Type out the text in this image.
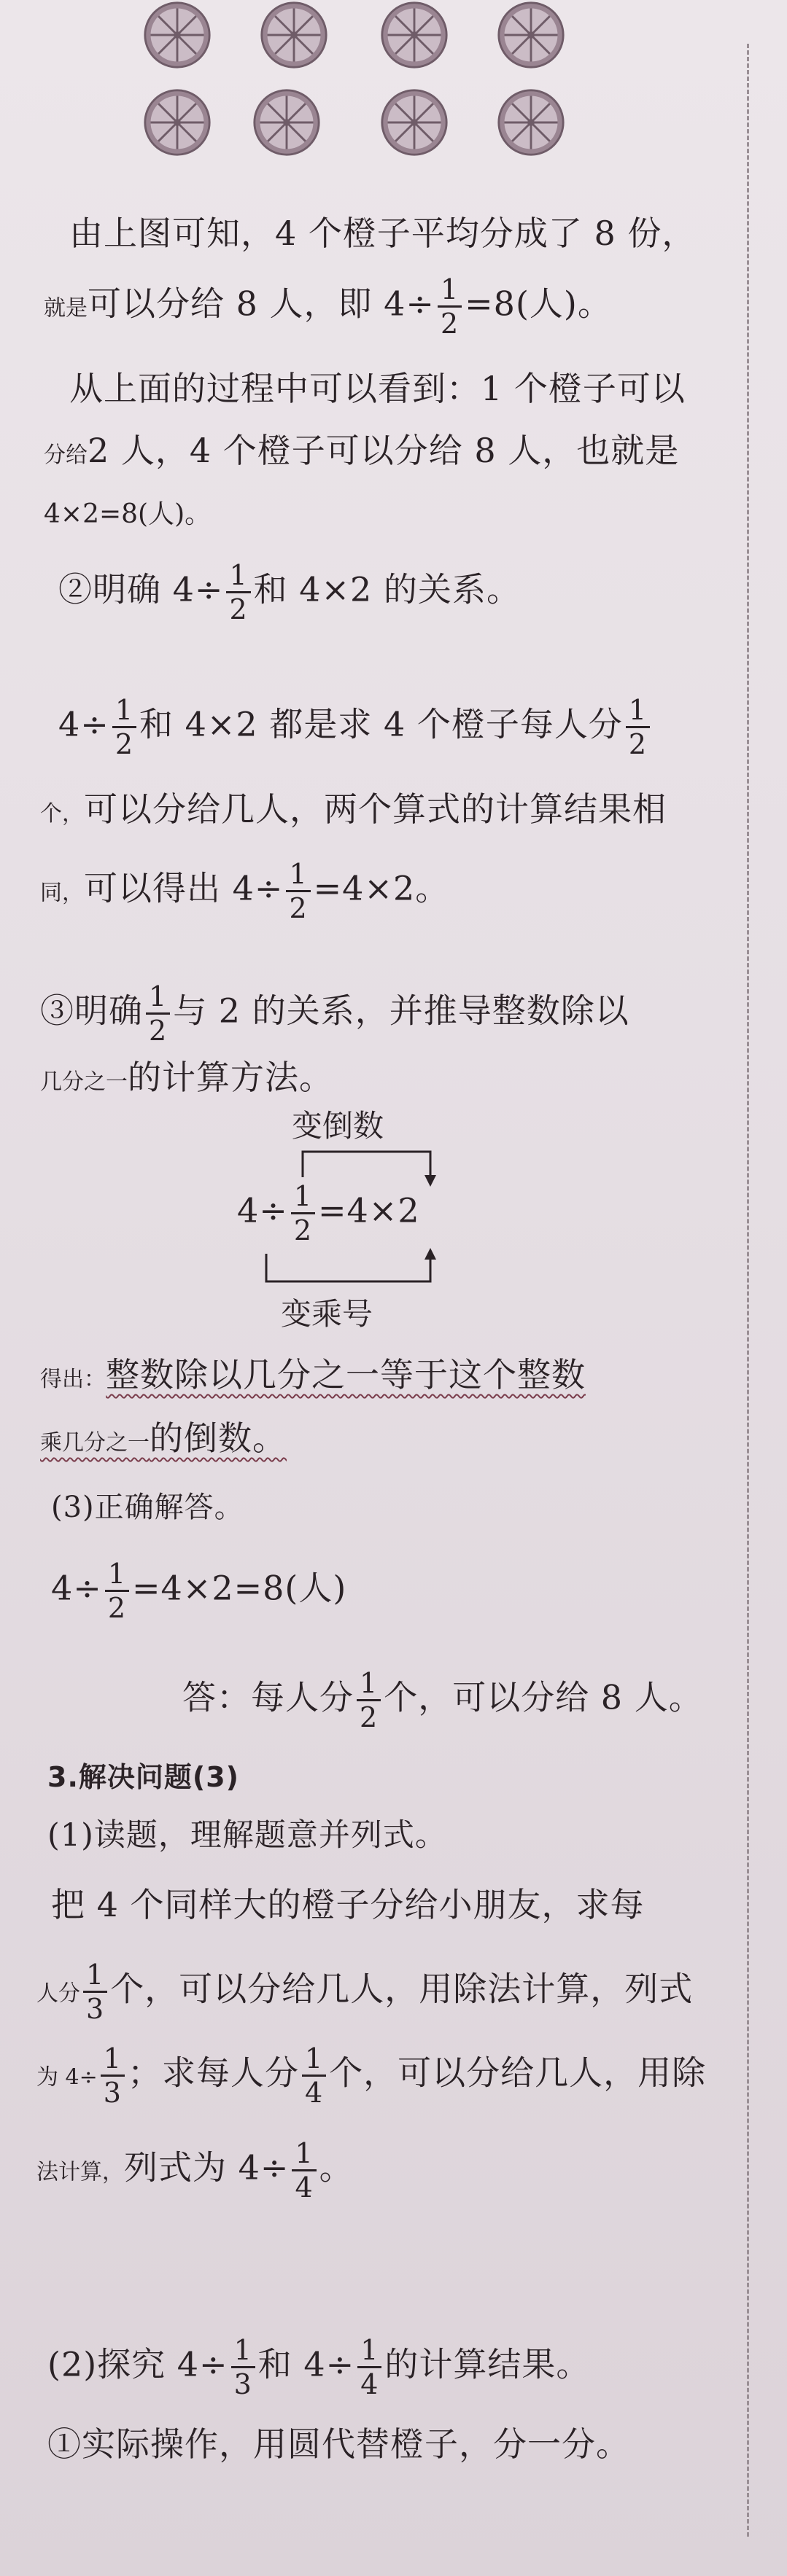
由上图可知，4 个橙子平均分成了 8 份，
就是可以分给 8 人，即 $4\div \frac{1}{2} =8$(人)。
从上面的过程中可以看到：1 个橙子可以
分给2 人，4 个橙子可以分给 8 人，也就是
4×2=8(人)。
②明确 $4\div \frac{1}{2}$ 和 4×2 的关系。
$4\div \frac{1}{2}$ 和 4×2 都是求 4 个橙子每人分 $\frac{1}{2}$
个，可以分给几人，两个算式的计算结果相
同，可以得出 $4\div \frac{1}{2} =4\times 2$。
③明确 $\frac{1}{2}$ 与 2 的关系，并推导整数除以
几分之一的计算方法。
变倒数
$4\div \frac{1}{2} =4\times 2$
变乘号
得出：整数除以几分之一等于这个整数
乘几分之一的倒数。
(3)正确解答。
$4\div \frac{1}{2} =4\times 2=8$(人)
答：每人分 $\frac{1}{2}$ 个，可以分给 8 人。
3.解决问题(3)
(1)读题，理解题意并列式。
把 4 个同样大的橙子分给小朋友，求每
人分 $\frac{1}{3}$ 个，可以分给几人，用除法计算，列式
为 $4\div \frac{1}{3}$ ；求每人分 $\frac{1}{4}$ 个，可以分给几人，用除
法计算，列式为 $4\div \frac{1}{4}$ 。
(2)探究 $4\div \frac{1}{3}$ 和 $4\div \frac{1}{4}$ 的计算结果。
①实际操作，用圆代替橙子，分一分。
